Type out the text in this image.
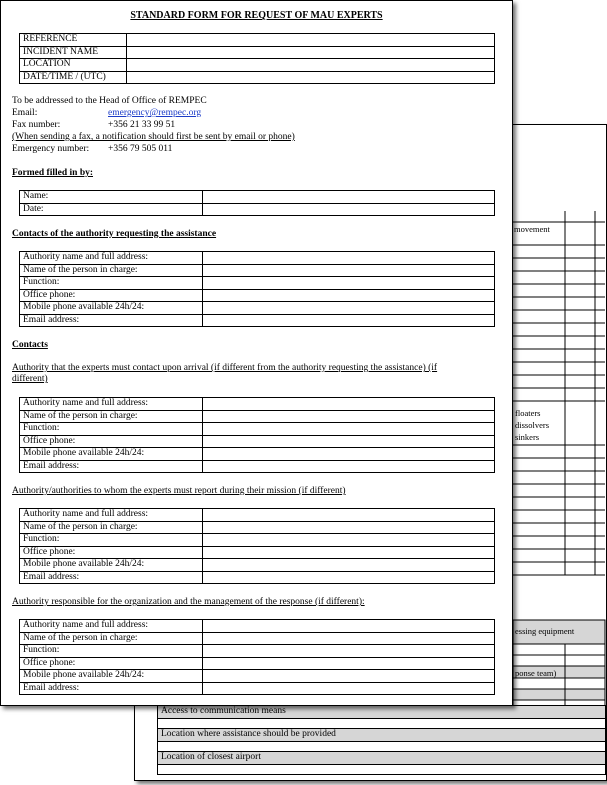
movement
floaters
dissolvers
sinkers
essing equipment
ponse team)
Access to communication means

Location where assistance should be provided

Location of closest airport

STANDARD FORM FOR REQUEST OF MAU EXPERTS
REFERENCE	
INCIDENT NAME	
LOCATION	
DATE/TIME / (UTC)	
To be addressed to the Head of Office of REMPEC
Email:	emergency@rempec.org
Fax number:	+356 21 33 99 51
(When sending a fax, a notification should first be sent by email or phone)
Emergency number: +356 79 505 011
Formed filled in by:
Name:	
Date:	
Contacts of the authority requesting the assistance
Authority name and full address:	
Name of the person in charge:	
Function:	
Office phone:	
Mobile phone available 24h/24:	
Email address:	
Contacts
Authority that the experts must contact upon arrival (if different from the authority requesting the assistance) (if
different)
Authority name and full address:	
Name of the person in charge:	
Function:	
Office phone:	
Mobile phone available 24h/24:	
Email address:	
Authority/authorities to whom the experts must report during their mission (if different)
Authority name and full address:	
Name of the person in charge:	
Function:	
Office phone:	
Mobile phone available 24h/24:	
Email address:	
Authority responsible for the organization and the management of the response (if different):
Authority name and full address:	
Name of the person in charge:	
Function:	
Office phone:	
Mobile phone available 24h/24:	
Email address:	
